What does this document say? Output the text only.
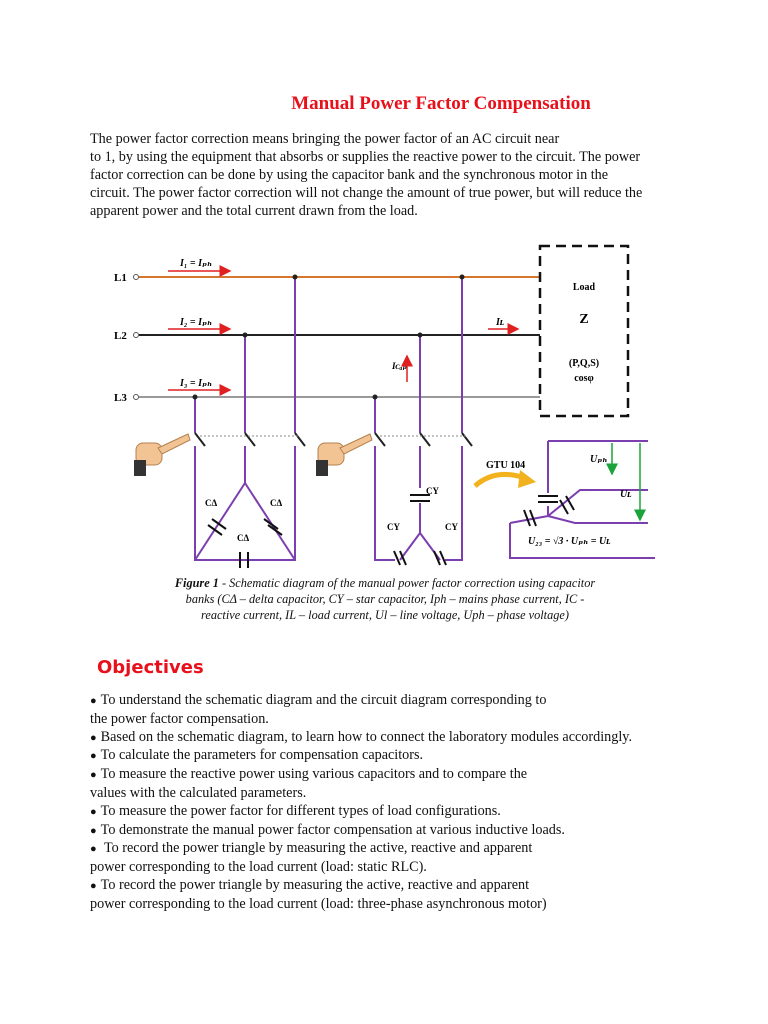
Manual Power Factor Compensation

The power factor correction means bringing the power factor of an AC circuit near
to 1, by using the equipment that absorbs or supplies the reactive power to the circuit. The power
factor correction can be done by using the capacitor bank and the synchronous motor in the
circuit. The power factor correction will not change the amount of true power, but will reduce the
apparent power and the total current drawn from the load.

L1
L2
L3
I₁ = Iₚₕ
I₂ = Iₚₕ
I₃ = Iₚₕ
Iʟ
Iᴄₐₚ
Load
Z
(P,Q,S)
cosφ
CΔ	CΔ
CΔ
CY
CY	CY
GTU 104
Uₚₕ
Uʟ
U₂₃ = √3 · Uₚₕ = Uʟ
Figure 1 - Schematic diagram of the manual power factor correction using capacitor
banks (CΔ – delta capacitor, CY – star capacitor, Iph – mains phase current, IC -
reactive current, IL – load current, Ul – line voltage, Uph – phase voltage)
Objectives
● To understand the schematic diagram and the circuit diagram corresponding to
the power factor compensation.
● Based on the schematic diagram, to learn how to connect the laboratory modules accordingly.
● To calculate the parameters for compensation capacitors.
● To measure the reactive power using various capacitors and to compare the
values with the calculated parameters.
● To measure the power factor for different types of load configurations.
● To demonstrate the manual power factor compensation at various inductive loads.
● To record the power triangle by measuring the active, reactive and apparent
power corresponding to the load current (load: static RLC).
● To record the power triangle by measuring the active, reactive and apparent
power corresponding to the load current (load: three-phase asynchronous motor)
